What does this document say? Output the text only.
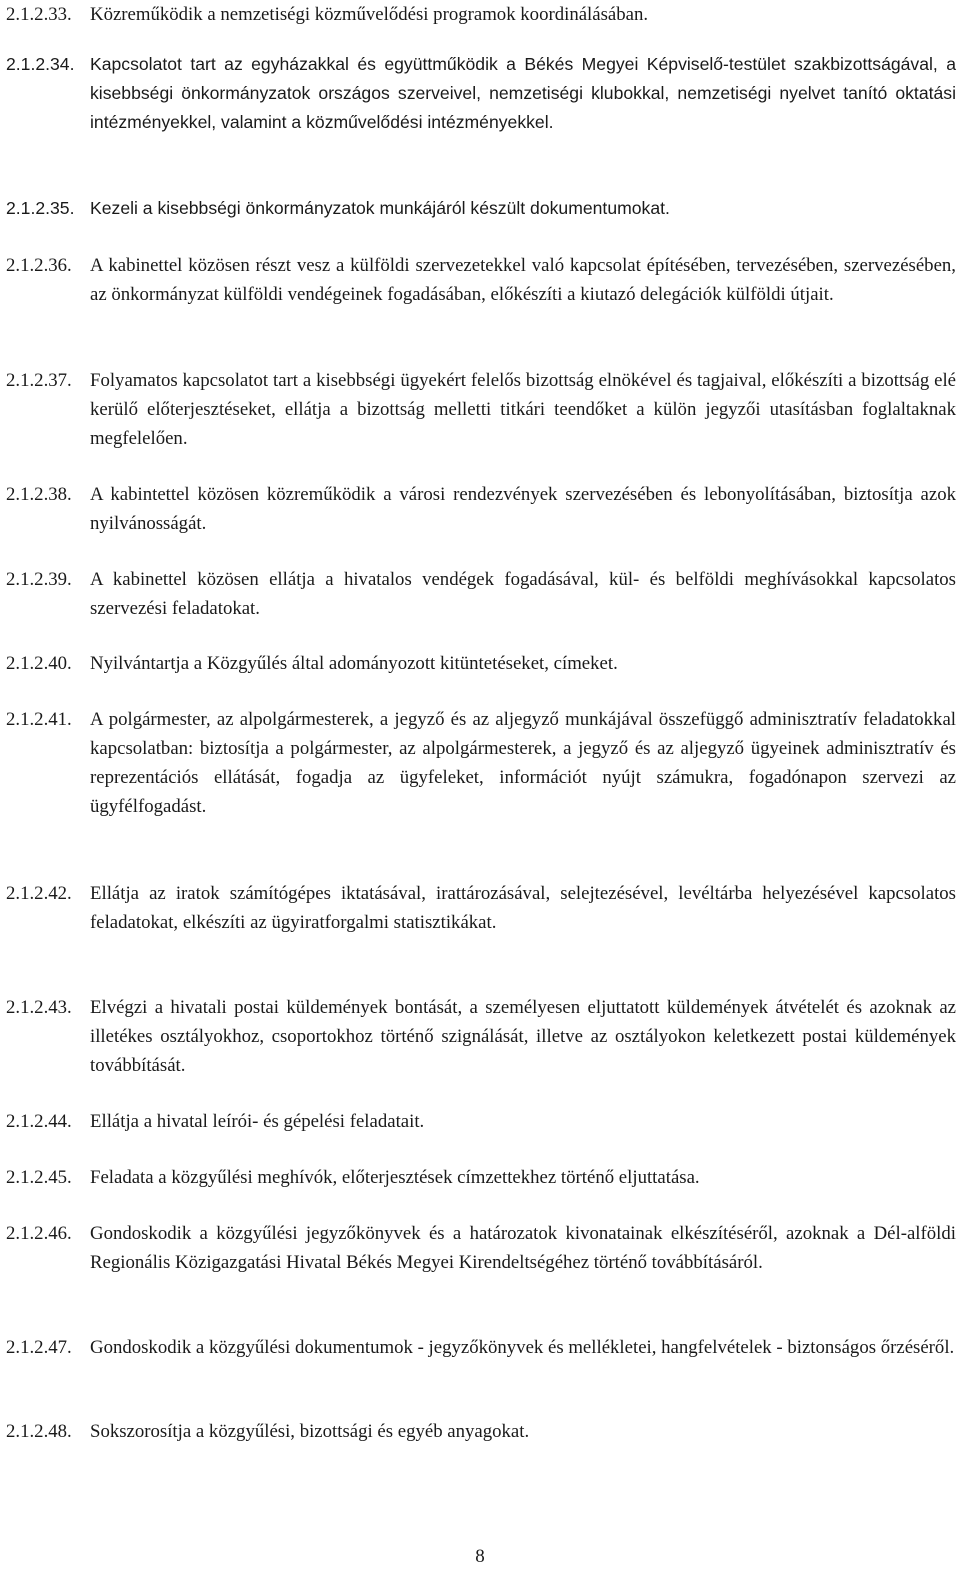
2.1.2.33. Közreműködik a nemzetiségi közművelődési programok koordinálásában.
2.1.2.34. Kapcsolatot tart az egyházakkal és együttműködik a Békés Megyei Képviselő-testület szakbizottságával, a kisebbségi önkormányzatok országos szerveivel, nemzetiségi klubokkal, nemzetiségi nyelvet tanító oktatási intézményekkel, valamint a közművelődési intézményekkel.
2.1.2.35. Kezeli a kisebbségi önkormányzatok munkájáról készült dokumentumokat.
2.1.2.36. A kabinettel közösen részt vesz a külföldi szervezetekkel való kapcsolat építésében, tervezésében, szervezésében, az önkormányzat külföldi vendégeinek fogadásában, előkészíti a kiutazó delegációk külföldi útjait.
2.1.2.37. Folyamatos kapcsolatot tart a kisebbségi ügyekért felelős bizottság elnökével és tagjaival, előkészíti a bizottság elé kerülő előterjesztéseket, ellátja a bizottság melletti titkári teendőket a külön jegyzői utasításban foglaltaknak megfelelően.
2.1.2.38. A kabintettel közösen közreműködik a városi rendezvények szervezésében és lebonyolításában, biztosítja azok nyilvánosságát.
2.1.2.39. A kabinettel közösen ellátja a hivatalos vendégek fogadásával, kül- és belföldi meghívásokkal kapcsolatos szervezési feladatokat.
2.1.2.40. Nyilvántartja a Közgyűlés által adományozott kitüntetéseket, címeket.
2.1.2.41. A polgármester, az alpolgármesterek, a jegyző és az aljegyző munkájával összefüggő adminisztratív feladatokkal kapcsolatban: biztosítja a polgármester, az alpolgármesterek, a jegyző és az aljegyző ügyeinek adminisztratív és reprezentációs ellátását, fogadja az ügyfeleket, információt nyújt számukra, fogadónapon szervezi az ügyfélfogadást.
2.1.2.42. Ellátja az iratok számítógépes iktatásával, irattározásával, selejtezésével, levéltárba helyezésével kapcsolatos feladatokat, elkészíti az ügyiratforgalmi statisztikákat.
2.1.2.43. Elvégzi a hivatali postai küldemények bontását, a személyesen eljuttatott küldemények átvételét és azoknak az illetékes osztályokhoz, csoportokhoz történő szignálását, illetve az osztályokon keletkezett postai küldemények továbbítását.
2.1.2.44. Ellátja a hivatal leírói- és gépelési feladatait.
2.1.2.45. Feladata a közgyűlési meghívók, előterjesztések címzettekhez történő eljuttatása.
2.1.2.46. Gondoskodik a közgyűlési jegyzőkönyvek és a határozatok kivonatainak elkészítéséről, azoknak a Dél-alföldi Regionális Közigazgatási Hivatal Békés Megyei Kirendeltségéhez történő továbbításáról.
2.1.2.47. Gondoskodik a közgyűlési dokumentumok - jegyzőkönyvek és mellékletei, hangfelvételek - biztonságos őrzéséről.
2.1.2.48. Sokszorosítja a közgyűlési, bizottsági és egyéb anyagokat.
8
